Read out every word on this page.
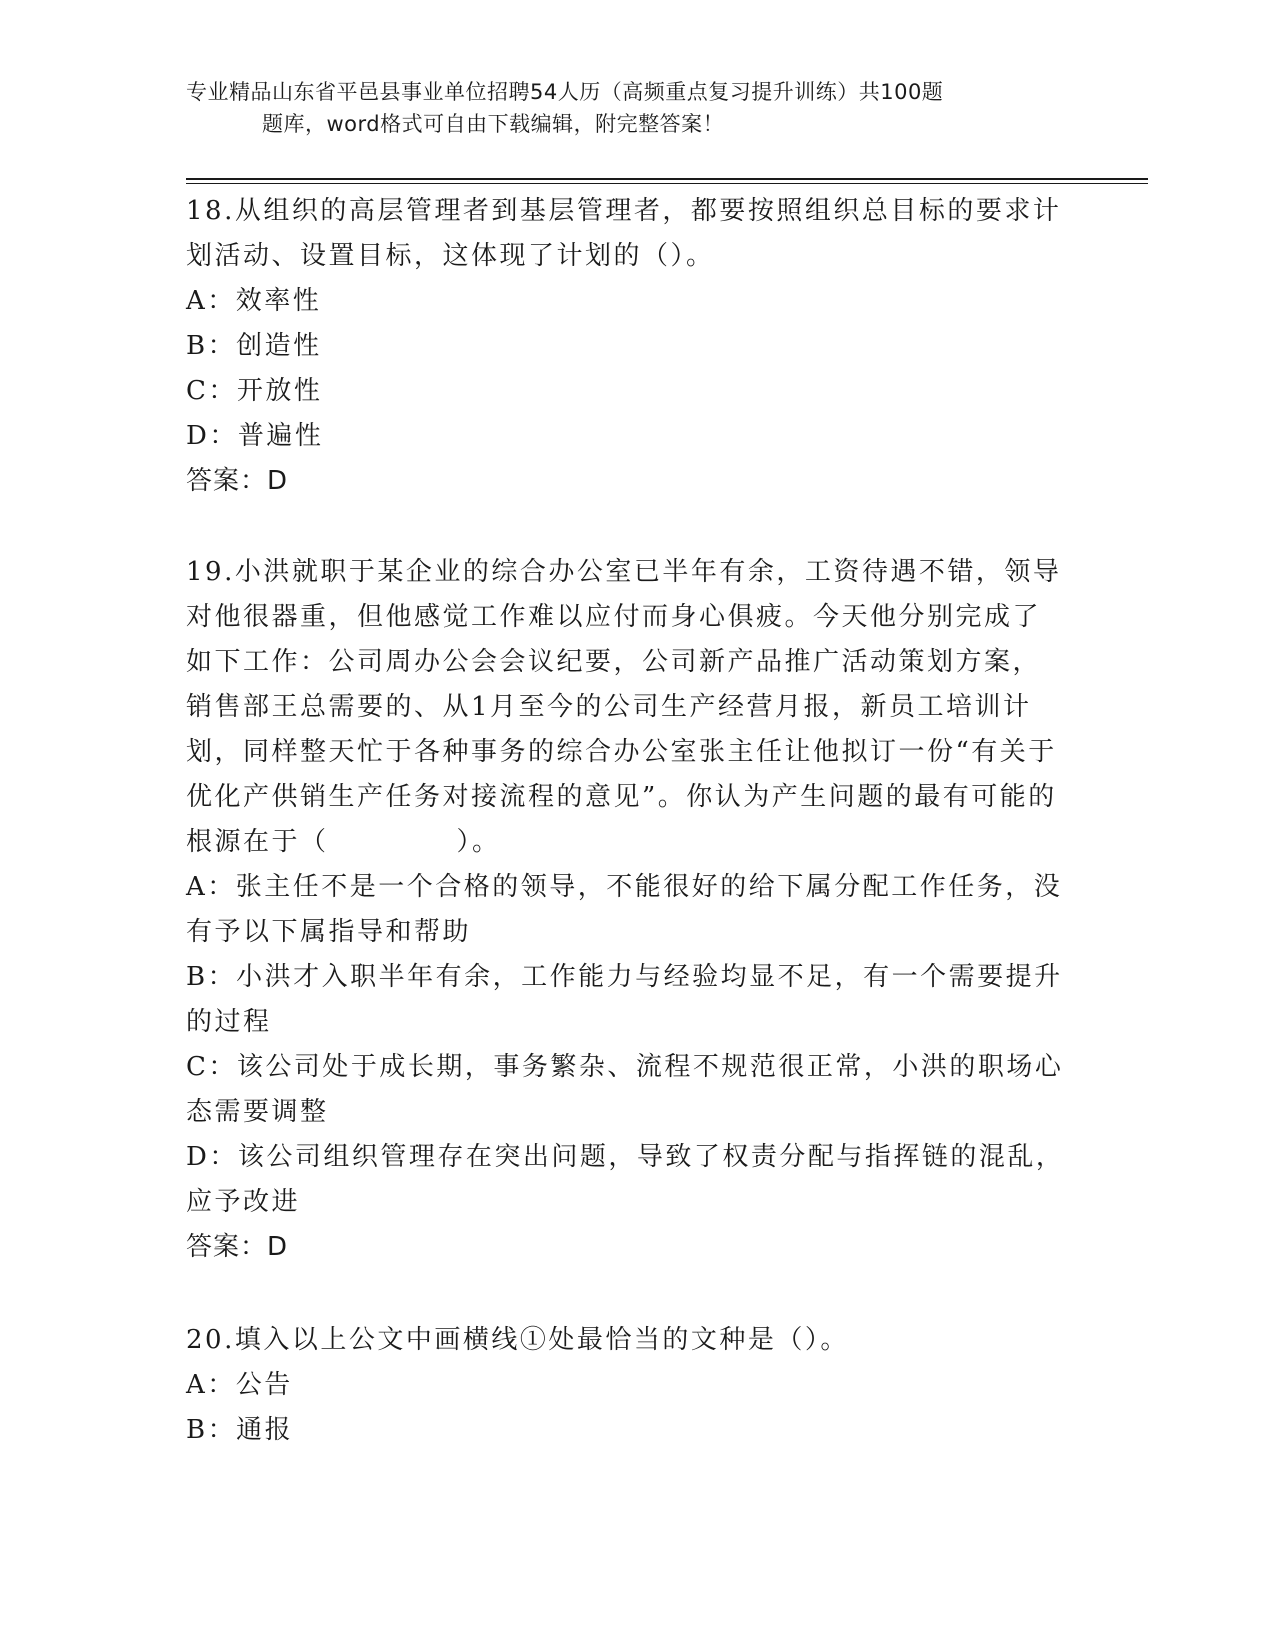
专业精品山东省平邑县事业单位招聘54人历（高频重点复习提升训练）共100题
题库，word格式可自由下载编辑，附完整答案！

18.从组织的高层管理者到基层管理者，都要按照组织总目标的要求计划活动、设置目标，这体现了计划的（）。

A：效率性

B：创造性

C：开放性

D：普遍性

答案：D

19.小洪就职于某企业的综合办公室已半年有余，工资待遇不错，领导对他很器重，但他感觉工作难以应付而身心俱疲。今天他分别完成了如下工作：公司周办公会会议纪要，公司新产品推广活动策划方案，销售部王总需要的、从1月至今的公司生产经营月报，新员工培训计划，同样整天忙于各种事务的综合办公室张主任让他拟订一份“有关于优化产供销生产任务对接流程的意见”。你认为产生问题的最有可能的根源在于（	）。

A：张主任不是一个合格的领导，不能很好的给下属分配工作任务，没有予以下属指导和帮助

B：小洪才入职半年有余，工作能力与经验均显不足，有一个需要提升的过程

C：该公司处于成长期，事务繁杂、流程不规范很正常，小洪的职场心态需要调整

D：该公司组织管理存在突出问题，导致了权责分配与指挥链的混乱，应予改进

答案：D

20.填入以上公文中画横线①处最恰当的文种是（）。

A：公告

B：通报
